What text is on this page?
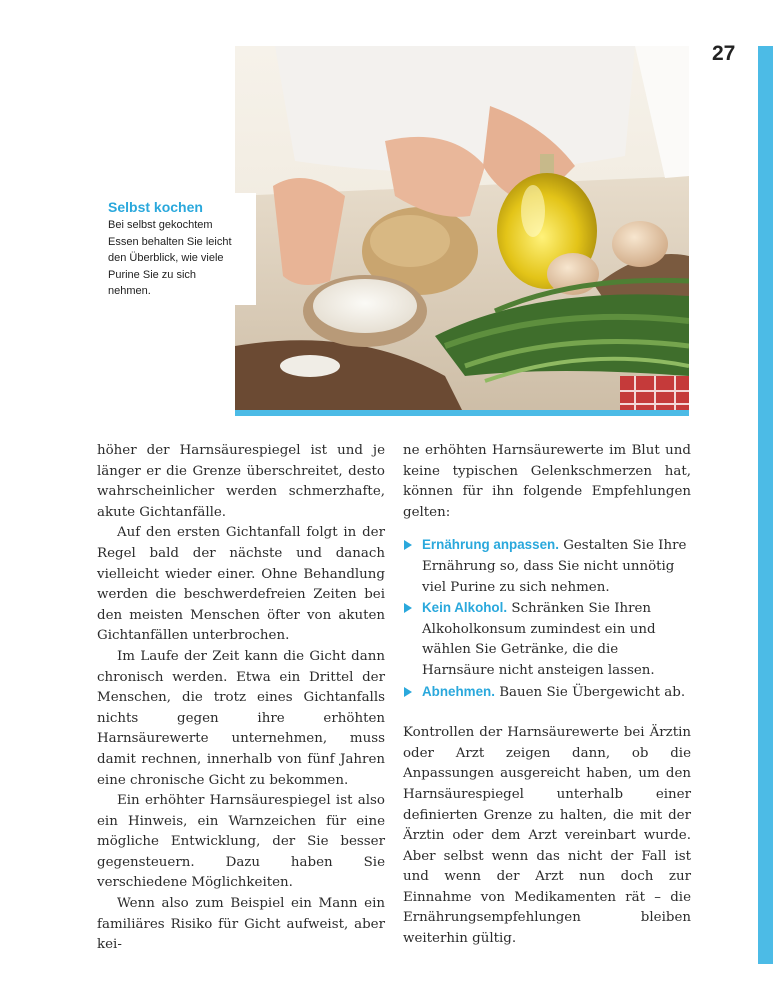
27
Selbst kochen

Bei selbst gekochtem
Essen behalten Sie leicht
den Überblick, wie viele
Purine Sie zu sich
nehmen.

höher der Harnsäurespiegel ist und je länger er die Grenze überschreitet, desto wahrscheinlicher werden schmerzhafte, akute Gichtanfälle.

Auf den ersten Gichtanfall folgt in der Regel bald der nächste und danach vielleicht wieder einer. Ohne Behandlung werden die beschwerdefreien Zeiten bei den meisten Menschen öfter von akuten Gichtanfällen unterbrochen.

Im Laufe der Zeit kann die Gicht dann chronisch werden. Etwa ein Drittel der Menschen, die trotz eines Gichtanfalls nichts gegen ihre erhöhten Harnsäurewerte unternehmen, muss damit rechnen, innerhalb von fünf Jahren eine chronische Gicht zu bekommen.

Ein erhöhter Harnsäurespiegel ist also ein Hinweis, ein Warnzeichen für eine mögliche Entwicklung, der Sie besser gegensteuern. Dazu haben Sie verschiedene Möglichkeiten.

Wenn also zum Beispiel ein Mann ein familiäres Risiko für Gicht aufweist, aber kei-

ne erhöhten Harnsäurewerte im Blut und keine typischen Gelenkschmerzen hat, können für ihn folgende Empfehlungen gelten:

Ernährung anpassen. Gestalten Sie Ihre Ernährung so, dass Sie nicht unnötig viel Purine zu sich nehmen.
Kein Alkohol. Schränken Sie Ihren Alkoholkonsum zumindest ein und wählen Sie Getränke, die die Harnsäure nicht ansteigen lassen.
Abnehmen. Bauen Sie Übergewicht ab.

Kontrollen der Harnsäurewerte bei Ärztin oder Arzt zeigen dann, ob die Anpassungen ausgereicht haben, um den Harnsäurespiegel unterhalb einer definierten Grenze zu halten, die mit der Ärztin oder dem Arzt vereinbart wurde. Aber selbst wenn das nicht der Fall ist und wenn der Arzt nun doch zur Einnahme von Medikamenten rät – die Ernährungsempfehlungen bleiben weiterhin gültig.
